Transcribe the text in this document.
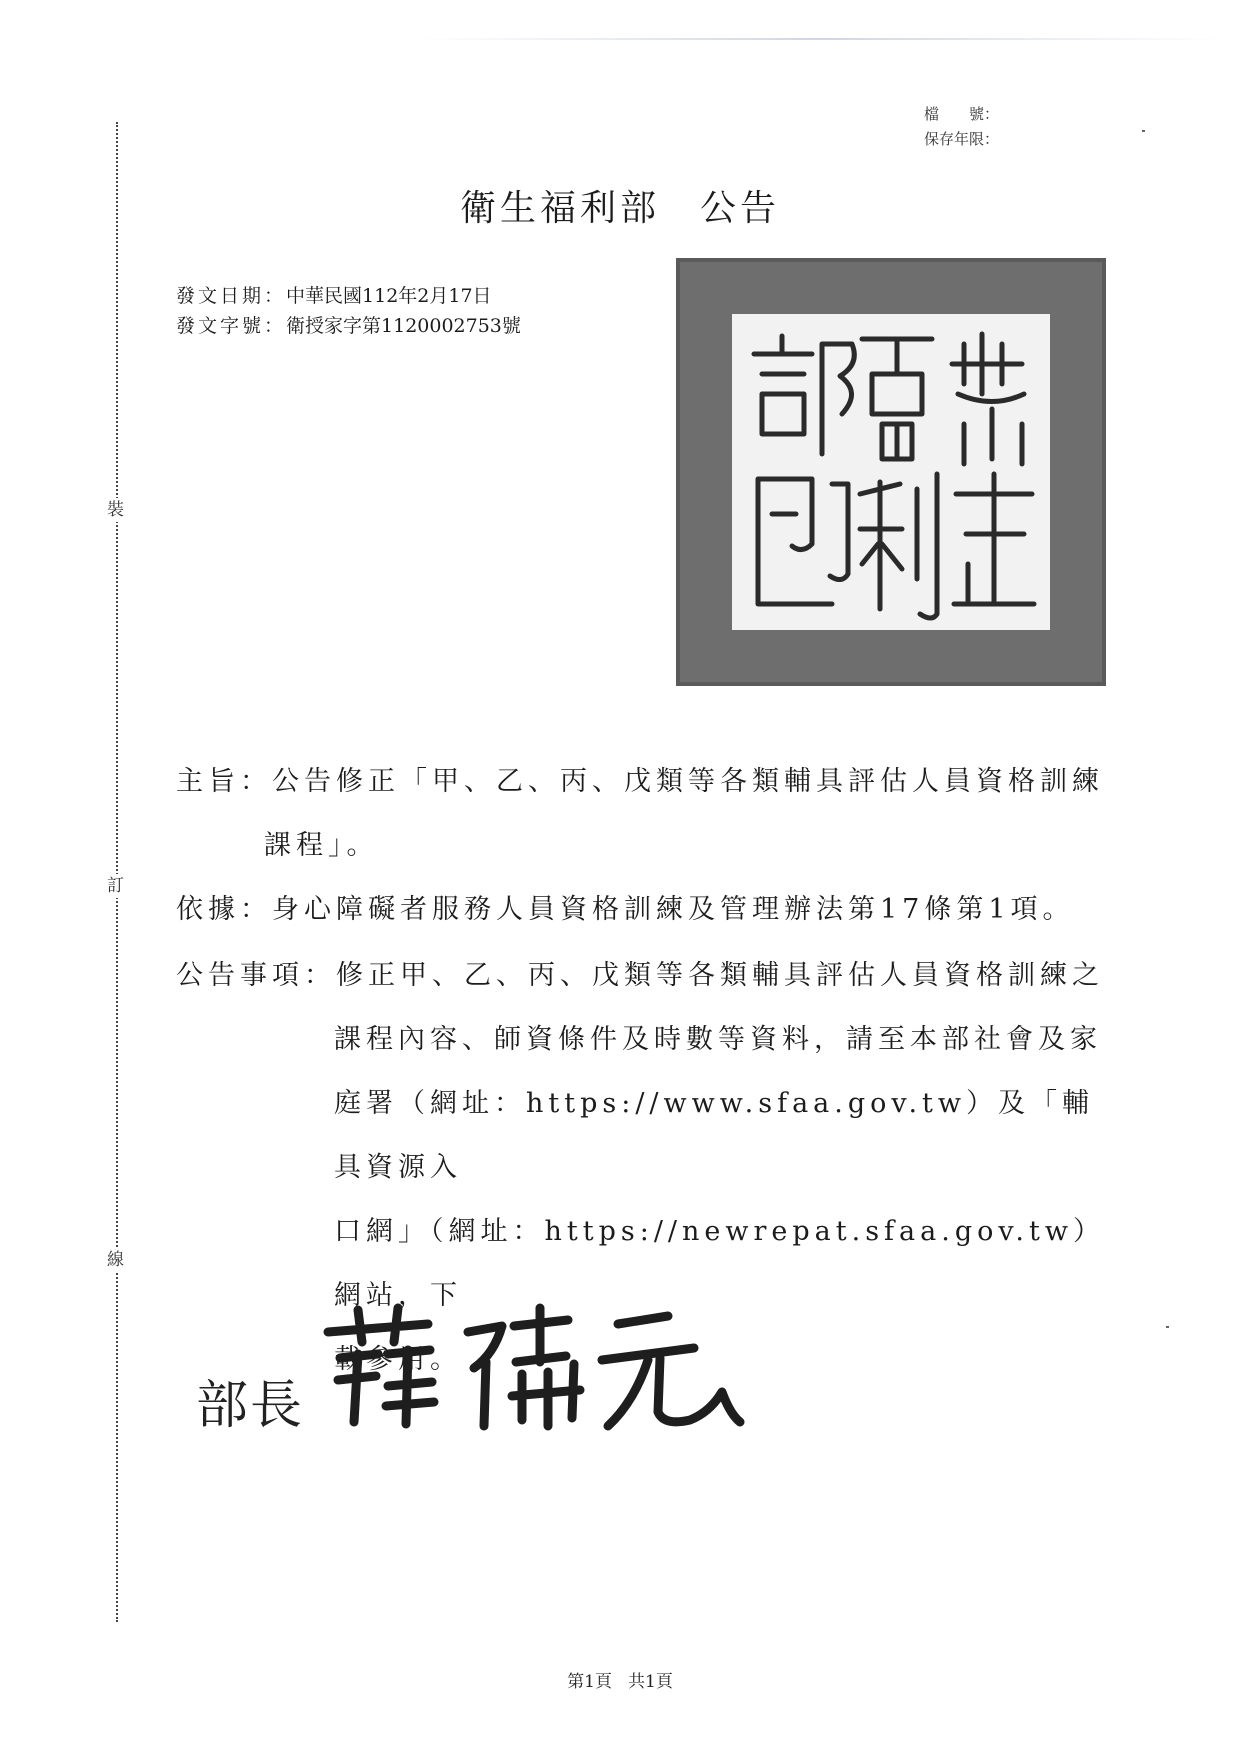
裝
訂
線
檔　　號：
保存年限：
衛生福利部 公告
發文日期：中華民國112年2月17日
發文字號：衛授家字第1120002753號
主旨： 公告修正「甲、乙、丙、戊類等各類輔具評估人員資格訓練
課程」。
依據： 身心障礙者服務人員資格訓練及管理辦法第17條第1項。
公告事項： 修正甲、乙、丙、戊類等各類輔具評估人員資格訓練之
課程內容、師資條件及時數等資料，請至本部社會及家
庭署（網址：https://www.sfaa.gov.tw）及「輔具資源入
口網」（網址：https://newrepat.sfaa.gov.tw）網站，下
載參用。
部長
第1頁 共1頁
